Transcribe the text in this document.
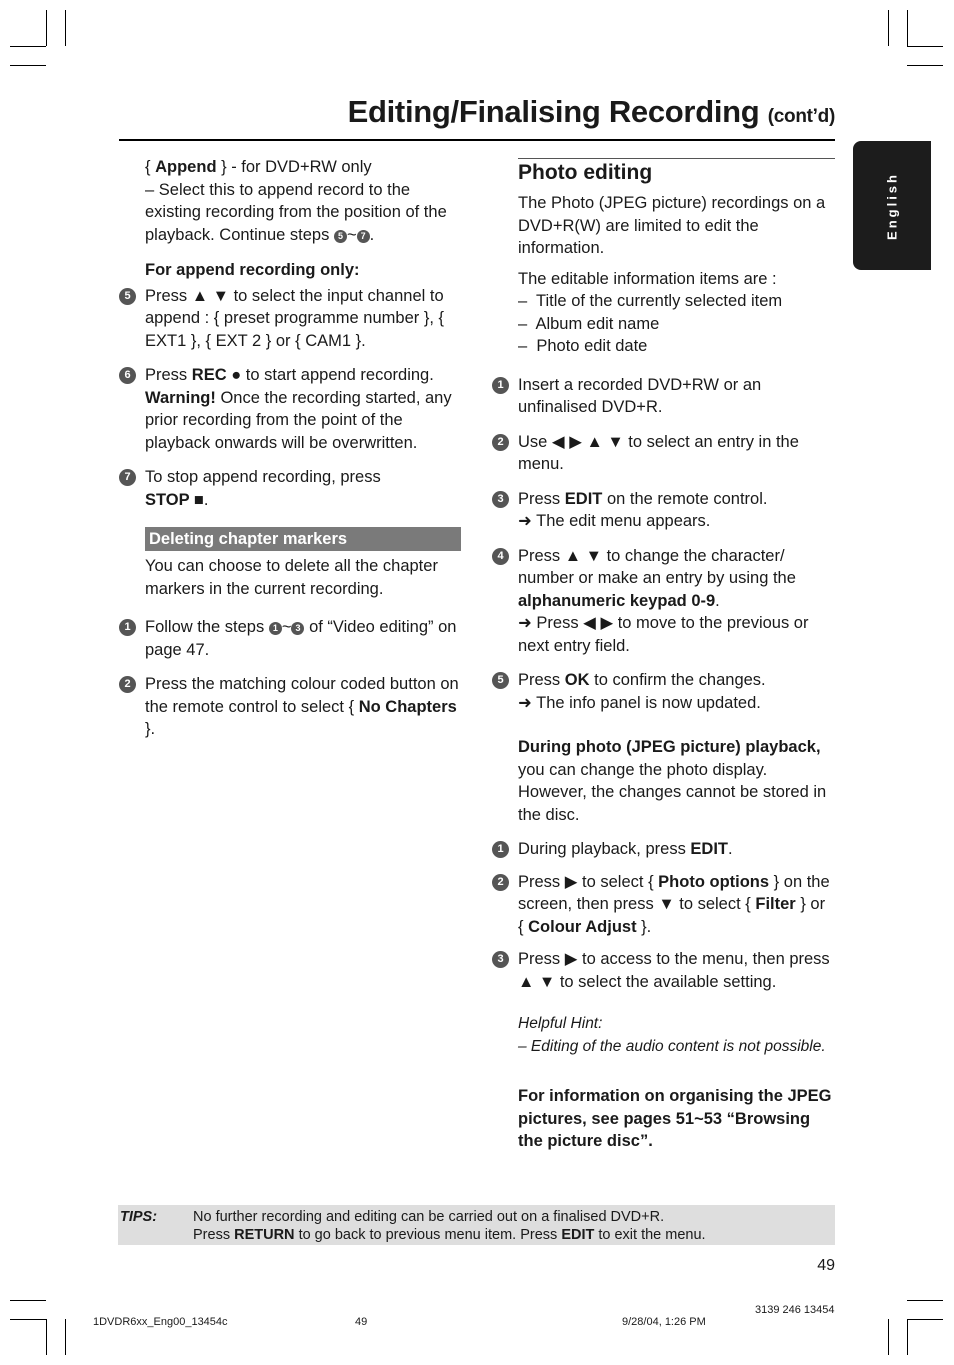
Editing/Finalising Recording (cont’d)
English

{ Append } - for DVD+RW only

– Select this to append record to the existing recording from the position of the playback. Continue steps 5 ~ 7 .

For append recording only:

5 Press ▲ ▼ to select the input channel to append : { preset programme number }, { EXT1 }, { EXT 2 } or { CAM1 }.

6 Press REC ● to start append recording. Warning! Once the recording started, any prior recording from the point of the playback onwards will be overwritten.

7 To stop append recording, press
STOP ■.

Deleting chapter markers

You can choose to delete all the chapter markers in the current recording.

1 Follow the steps 1 ~ 3 of “Video editing” on page 47.

2 Press the matching colour coded button on the remote control to select { No Chapters }.

Photo editing

The Photo (JPEG picture) recordings on a DVD+R(W) are limited to edit the information.

The editable information items are :

–  Title of the currently selected item

–  Album edit name

–  Photo edit date

1 Insert a recorded DVD+RW or an unfinalised DVD+R.

2 Use ◀ ▶ ▲ ▼ to select an entry in the menu.

3 Press EDIT on the remote control.

➜ The edit menu appears.

4 Press ▲ ▼ to change the character/ number or make an entry by using the alphanumeric keypad 0-9.

➜ Press ◀ ▶ to move to the previous or next entry field.

5 Press OK to confirm the changes.

➜ The info panel is now updated.

During photo (JPEG picture) playback, you can change the photo display. However, the changes cannot be stored in the disc.

1 During playback, press EDIT.

2 Press ▶ to select { Photo options } on the screen, then press ▼ to select { Filter } or { Colour Adjust }.

3 Press ▶ to access to the menu, then press ▲ ▼ to select the available setting.

Helpful Hint:

– Editing of the audio content is not possible.

For information on organising the JPEG pictures, see pages 51~53 “Browsing the picture disc”.

TIPS: No further recording and editing can be carried out on a finalised DVD+R.
Press RETURN to go back to previous menu item. Press EDIT to exit the menu.
49
1DVDR6xx_Eng00_13454c	49	9/28/04, 1:26 PM
3139 246 13454
